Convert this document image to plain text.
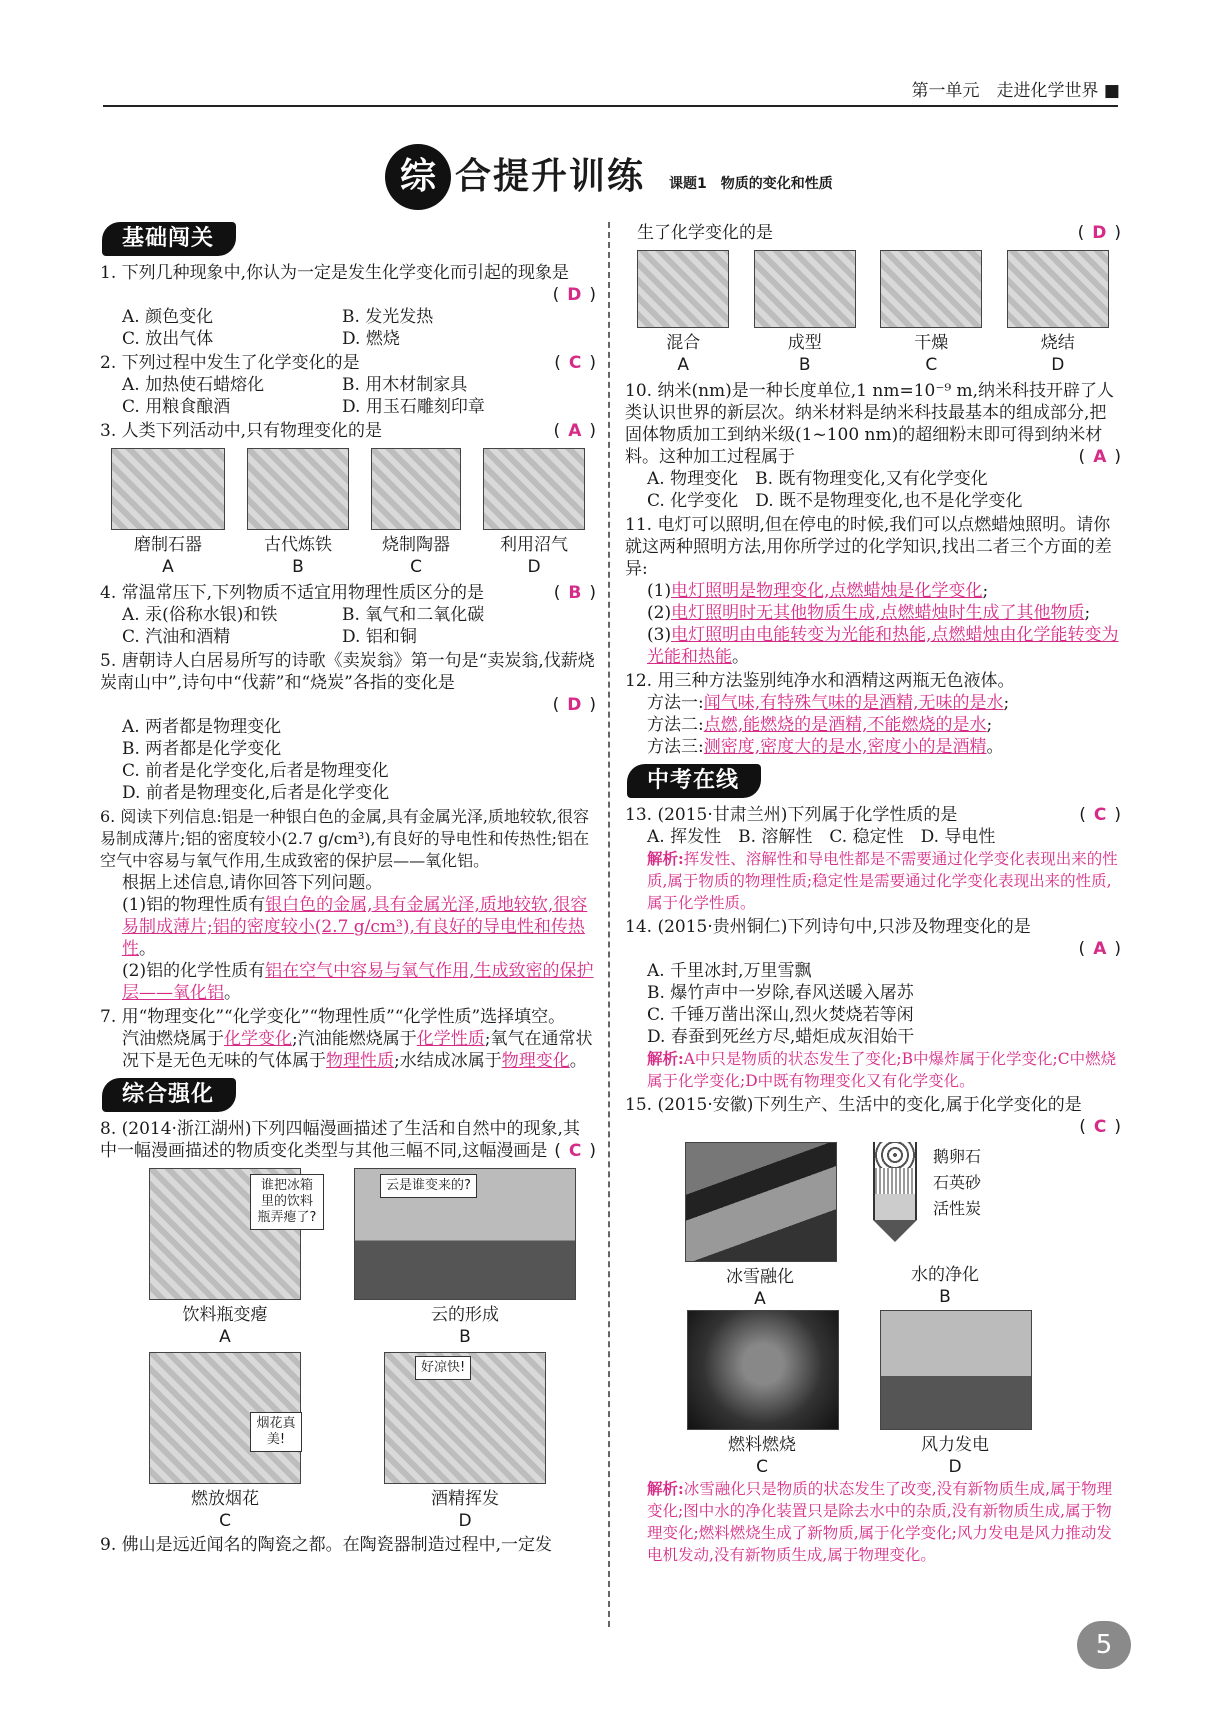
第一单元　走进化学世界 ■
综 合提升训练 课题1　物质的变化和性质
基础闯关
1. 下列几种现象中,你认为一定是发生化学变化而引起的现象是
( D )
A. 颜色变化	B. 发光发热
C. 放出气体	D. 燃烧
2. 下列过程中发生了化学变化的是	( C )
A. 加热使石蜡熔化	B. 用木材制家具
C. 用粮食酿酒	D. 用玉石雕刻印章
3. 人类下列活动中,只有物理变化的是	( A )
磨制石器
A
古代炼铁
B
烧制陶器
C
利用沼气
D
4. 常温常压下,下列物质不适宜用物理性质区分的是	( B )
A. 汞(俗称水银)和铁	B. 氧气和二氧化碳
C. 汽油和酒精	D. 铝和铜
5. 唐朝诗人白居易所写的诗歌《卖炭翁》第一句是“卖炭翁,伐薪烧炭南山中”,诗句中“伐薪”和“烧炭”各指的变化是
( D )
A. 两者都是物理变化
B. 两者都是化学变化
C. 前者是化学变化,后者是物理变化
D. 前者是物理变化,后者是化学变化
6. 阅读下列信息:铝是一种银白色的金属,具有金属光泽,质地较软,很容易制成薄片;铝的密度较小(2.7 g/cm³),有良好的导电性和传热性;铝在空气中容易与氧气作用,生成致密的保护层——氧化铝。
根据上述信息,请你回答下列问题。
(1)铝的物理性质有银白色的金属,具有金属光泽,质地较软,很容易制成薄片;铝的密度较小(2.7 g/cm³),有良好的导电性和传热性。
(2)铝的化学性质有铝在空气中容易与氧气作用,生成致密的保护层——氧化铝。
7. 用“物理变化”“化学变化”“物理性质”“化学性质”选择填空。
汽油燃烧属于化学变化;汽油能燃烧属于化学性质;氧气在通常状况下是无色无味的气体属于物理性质;水结成冰属于物理变化。
综合强化
8. (2014·浙江湖州)下列四幅漫画描述了生活和自然中的现象,其中一幅漫画描述的物质变化类型与其他三幅不同,这幅漫画是 ( C )
谁把冰箱里的饮料瓶弄瘪了?
饮料瓶变瘪
A
云是谁变来的?
云的形成
B
烟花真美!
燃放烟花
C
好凉快!
酒精挥发
D
9. 佛山是远近闻名的陶瓷之都。在陶瓷器制造过程中,一定发
生了化学变化的是	( D )
混合
A
成型
B
干燥
C
烧结
D
10. 纳米(nm)是一种长度单位,1 nm=10⁻⁹ m,纳米科技开辟了人类认识世界的新层次。纳米材料是纳米科技最基本的组成部分,把固体物质加工到纳米级(1~100 nm)的超细粉末即可得到纳米材料。这种加工过程属于	( A )
A. 物理变化　B. 既有物理变化,又有化学变化
C. 化学变化　D. 既不是物理变化,也不是化学变化
11. 电灯可以照明,但在停电的时候,我们可以点燃蜡烛照明。请你就这两种照明方法,用你所学过的化学知识,找出二者三个方面的差异:
(1)电灯照明是物理变化,点燃蜡烛是化学变化;
(2)电灯照明时无其他物质生成,点燃蜡烛时生成了其他物质;
(3)电灯照明由电能转变为光能和热能,点燃蜡烛由化学能转变为光能和热能。
12. 用三种方法鉴别纯净水和酒精这两瓶无色液体。
方法一:闻气味,有特殊气味的是酒精,无味的是水;
方法二:点燃,能燃烧的是酒精,不能燃烧的是水;
方法三:测密度,密度大的是水,密度小的是酒精。
中考在线
13. (2015·甘肃兰州)下列属于化学性质的是	( C )
A. 挥发性　B. 溶解性　C. 稳定性　D. 导电性
解析:挥发性、溶解性和导电性都是不需要通过化学变化表现出来的性质,属于物质的物理性质;稳定性是需要通过化学变化表现出来的性质,属于化学性质。
14. (2015·贵州铜仁)下列诗句中,只涉及物理变化的是
( A )
A. 千里冰封,万里雪飘
B. 爆竹声中一岁除,春风送暖入屠苏
C. 千锤万凿出深山,烈火焚烧若等闲
D. 春蚕到死丝方尽,蜡炬成灰泪始干
解析:A中只是物质的状态发生了变化;B中爆炸属于化学变化;C中燃烧属于化学变化;D中既有物理变化又有化学变化。
15. (2015·安徽)下列生产、生活中的变化,属于化学变化的是
( C )
冰雪融化
A
鹅卵石
石英砂
活性炭
水的净化
B
燃料燃烧
C
风力发电
D
解析:冰雪融化只是物质的状态发生了改变,没有新物质生成,属于物理变化;图中水的净化装置只是除去水中的杂质,没有新物质生成,属于物理变化;燃料燃烧生成了新物质,属于化学变化;风力发电是风力推动发电机发动,没有新物质生成,属于物理变化。
5
